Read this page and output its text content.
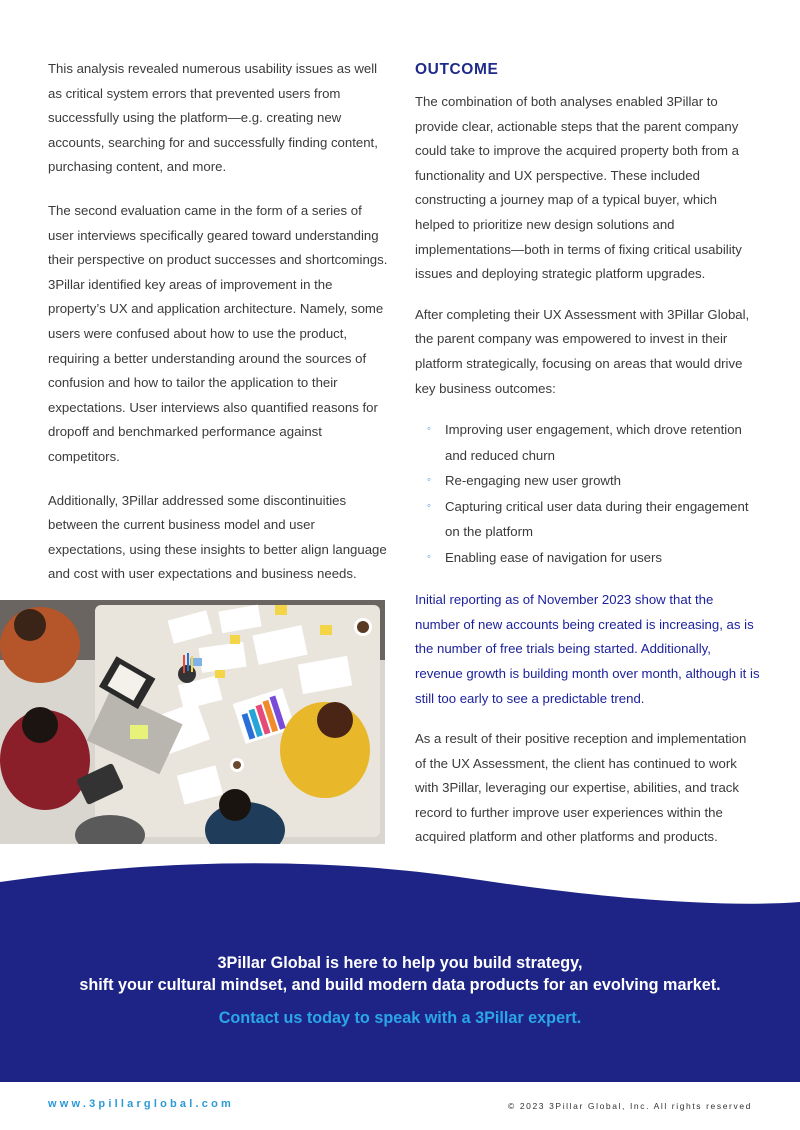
This analysis revealed numerous usability issues as well as critical system errors that prevented users from successfully using the platform—e.g. creating new accounts, searching for and successfully finding content, purchasing content, and more.

The second evaluation came in the form of a series of user interviews specifically geared toward understanding their perspective on product successes and shortcomings. 3Pillar identified key areas of improvement in the property’s UX and application architecture. Namely, some users were confused about how to use the product, requiring a better understanding around the sources of confusion and how to tailor the application to their expectations. User interviews also quantified reasons for dropoff and benchmarked performance against competitors.

Additionally, 3Pillar addressed some discontinuities between the current business model and user expectations, using these insights to better align language and cost with user expectations and business needs.

OUTCOME

The combination of both analyses enabled 3Pillar to provide clear, actionable steps that the parent company could take to improve the acquired property both from a functionality and UX perspective. These included constructing a journey map of a typical buyer, which helped to prioritize new design solutions and implementations—both in terms of fixing critical usability issues and deploying strategic platform upgrades.

After completing their UX Assessment with 3Pillar Global, the parent company was empowered to invest in their platform strategically, focusing on areas that would drive key business outcomes:

◦ Improving user engagement, which drove retention and reduced churn
◦ Re-engaging new user growth
◦ Capturing critical user data during their engagement on the platform
◦ Enabling ease of navigation for users

Initial reporting as of November 2023 show that the number of new accounts being created is increasing, as is the number of free trials being started. Additionally, revenue growth is building month over month, although it is still too early to see a predictable trend.

As a result of their positive reception and implementation of the UX Assessment, the client has continued to work with 3Pillar, leveraging our expertise, abilities, and track record to further improve user experiences within the acquired platform and other platforms and products.

3Pillar Global is here to help you build strategy,
shift your cultural mindset, and build modern data products for an evolving market.
Contact us today to speak with a 3Pillar expert.
www.3pillarglobal.com	© 2023 3Pillar Global, Inc. All rights reserved
